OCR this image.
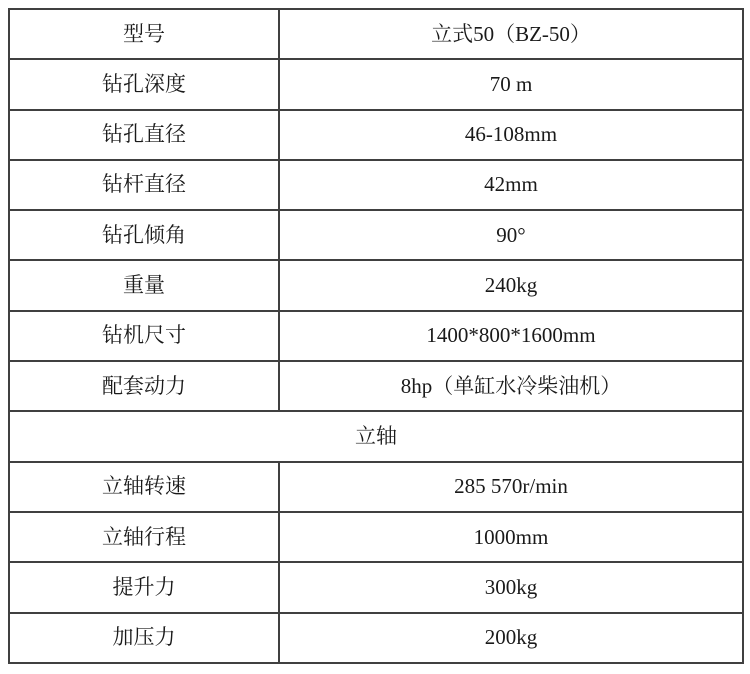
型号	立式50（BZ-50）
钻孔深度	70 m
钻孔直径	46-108mm
钻杆直径	42mm
钻孔倾角	90°
重量	240kg
钻机尺寸	1400*800*1600mm
配套动力	8hp（单缸水冷柴油机）
立轴	
立轴转速	285 570r/min
立轴行程	1000mm
提升力	300kg
加压力	200kg
